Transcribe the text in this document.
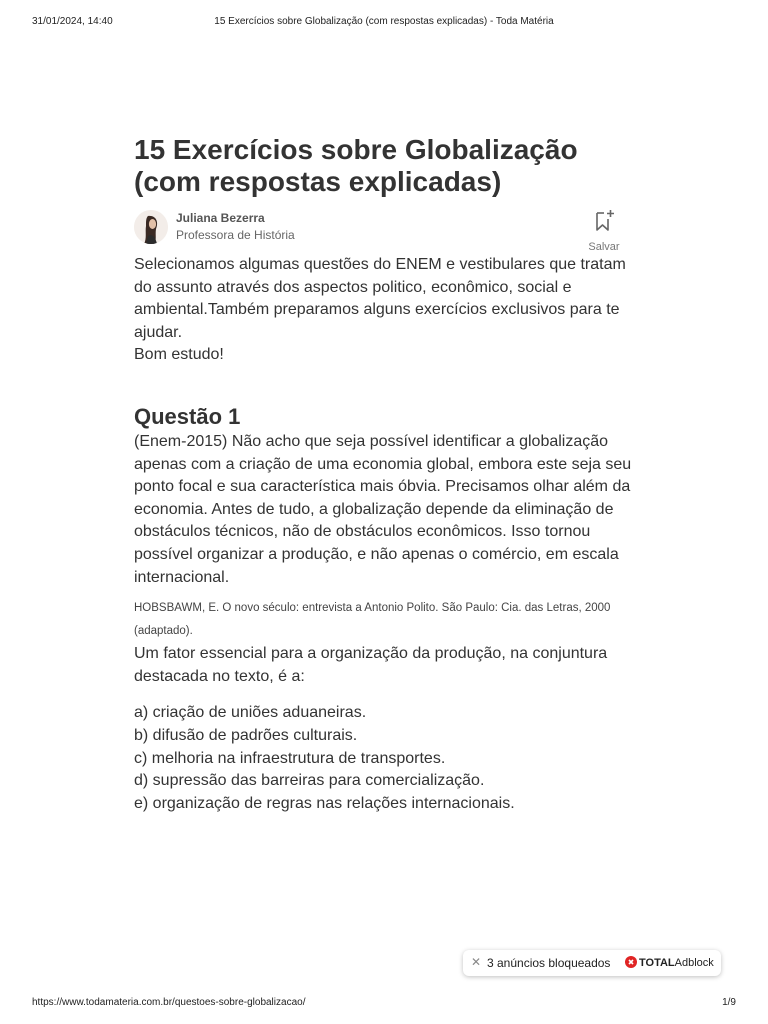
31/01/2024, 14:40	15 Exercícios sobre Globalização (com respostas explicadas) - Toda Matéria
15 Exercícios sobre Globalização (com respostas explicadas)
Juliana Bezerra
Professora de História
Salvar

Selecionamos algumas questões do ENEM e vestibulares que tratam do assunto através dos aspectos politico, econômico, social e ambiental.Também preparamos alguns exercícios exclusivos para te ajudar.

Bom estudo!

Questão 1

(Enem-2015) Não acho que seja possível identificar a globalização apenas com a criação de uma economia global, embora este seja seu ponto focal e sua característica mais óbvia. Precisamos olhar além da economia. Antes de tudo, a globalização depende da eliminação de obstáculos técnicos, não de obstáculos econômicos. Isso tornou possível organizar a produção, e não apenas o comércio, em escala internacional.

HOBSBAWM, E. O novo século: entrevista a Antonio Polito. São Paulo: Cia. das Letras, 2000 (adaptado).

Um fator essencial para a organização da produção, na conjuntura destacada no texto, é a:

a) criação de uniões aduaneiras.
b) difusão de padrões culturais.
c) melhoria na infraestrutura de transportes.
d) supressão das barreiras para comercialização.
e) organização de regras nas relações internacionais.
✕ 3 anúncios bloqueados	TOTALAdblock
https://www.todamateria.com.br/questoes-sobre-globalizacao/	1/9
